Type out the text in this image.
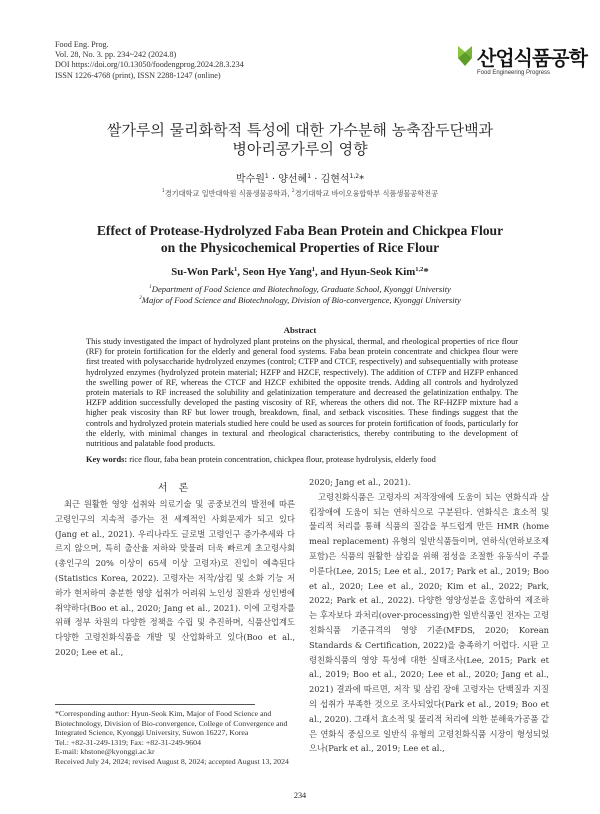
Food Eng. Prog.
Vol. 28, No. 3. pp. 234~242 (2024.8)
DOI https://doi.org/10.13050/foodengprog.2024.28.3.234
ISSN 1226-4768 (print), ISSN 2288-1247 (online)
산업식품공학
Food Engineering Progress
쌀가루의 물리화학적 특성에 대한 가수분해 농축잠두단백과
병아리콩가루의 영향
박수원$^1$ · 양선혜$^1$ · 김현석$^{1,2}$*
$^1$경기대학교 일반대학원 식품생물공학과, $^2$경기대학교 바이오융합학부 식품생물공학전공
Effect of Protease-Hydrolyzed Faba Bean Protein and Chickpea Flour
on the Physicochemical Properties of Rice Flour
Su-Won Park$^1$, Seon Hye Yang$^1$, and Hyun-Seok Kim$^{1,2}$*
$^1$Department of Food Science and Biotechnology, Graduate School, Kyonggi University
$^2$Major of Food Science and Biotechnology, Division of Bio-convergence, Kyonggi University
Abstract
This study investigated the impact of hydrolyzed plant proteins on the physical, thermal, and rheological properties of rice flour (RF) for protein fortification for the elderly and general food systems. Faba bean protein concentrate and chickpea flour were first treated with polysaccharide hydrolyzed enzymes (control; CTFP and CTCF, respectively) and subsequentially with protease hydrolyzed enzymes (hydrolyzed protein material; HZFP and HZCF, respectively). The addition of CTFP and HZFP enhanced the swelling power of RF, whereas the CTCF and HZCF exhibited the opposite trends. Adding all controls and hydrolyzed protein materials to RF increased the solubility and gelatinization temperature and decreased the gelatinization enthalpy. The HZFP addition successfully developed the pasting viscosity of RF, whereas the others did not. The RF-HZFP mixture had a higher peak viscosity than RF but lower trough, breakdown, final, and setback viscosities. These findings suggest that the controls and hydrolyzed protein materials studied here could be used as sources for protein fortification of foods, particularly for the elderly, with minimal changes in textural and rheological characteristics, thereby contributing to the development of nutritious and palatable food products.
Key words: rice flour, faba bean protein concentration, chickpea flour, protease hydrolysis, elderly food
서 론

최근 원활한 영양 섭취와 의료기술 및 공중보건의 발전에 따른 고령인구의 지속적 증가는 전 세계적인 사회문제가 되고 있다(Jang et al., 2021). 우리나라도 글로벌 고령인구 증가추세와 다르지 않으며, 특히 출산율 저하와 맞물려 더욱 빠르게 초고령사회(총인구의 20% 이상이 65세 이상 고령자)로 진입이 예측된다(Statistics Korea, 2022). 고령자는 저작/삼킴 및 소화 기능 저하가 현저하여 충분한 영양 섭취가 어려워 노인성 질환과 성인병에 취약하다(Boo et al., 2020; Jang et al., 2021). 이에 고령자를 위해 정부 차원의 다양한 정책을 수립 및 추진하며, 식품산업계도 다양한 고령친화식품을 개발 및 산업화하고 있다(Boo et al., 2020; Lee et al.,

2020; Jang et al., 2021).

고령친화식품은 고령자의 저작장애에 도움이 되는 연화식과 삼킴장애에 도움이 되는 연하식으로 구분된다. 연화식은 효소적 및 물리적 처리를 통해 식품의 질감을 부드럽게 만든 HMR (home meal replacement) 유형의 일반식품들이며, 연하식(연하보조제 포함)은 식품의 원활한 삼킴을 위해 점성을 조절한 유동식이 주를 이룬다(Lee, 2015; Lee et al., 2017; Park et al., 2019; Boo et al., 2020; Lee et al., 2020; Kim et al., 2022; Park, 2022; Park et al., 2022). 다양한 영양성분을 혼합하여 제조하는 후자보다 과처리(over-processing)한 일반식품인 전자는 고령친화식품 기준규격의 영양 기준(MFDS, 2020; Korean Standards & Certification, 2022)을 충족하기 어렵다. 시판 고령친화식품의 영양 특성에 대한 실태조사(Lee, 2015; Park et al., 2019; Boo et al., 2020; Lee et al., 2020; Jang et al., 2021) 결과에 따르면, 저작 및 삼킴 장애 고령자는 단백질과 지질의 섭취가 부족한 것으로 조사되었다(Park et al., 2019; Boo et al., 2020). 그래서 효소적 및 물리적 처리에 의한 분해육가공품 같은 연화식 중심으로 일반식 유형의 고령친화식품 시장이 형성되었으나(Park et al., 2019; Lee et al.,

*Corresponding author: Hyun-Seok Kim, Major of Food Science and Biotechnology, Division of Bio-convergence, College of Convergence and Integrated Science, Kyonggi University, Suwon 16227, Korea
Tel.: +82-31-249-1319; Fax: +82-31-249-9604
E-mail: khstone@kyonggi.ac.kr
Received July 24, 2024; revised August 8, 2024; accepted August 13, 2024
234
